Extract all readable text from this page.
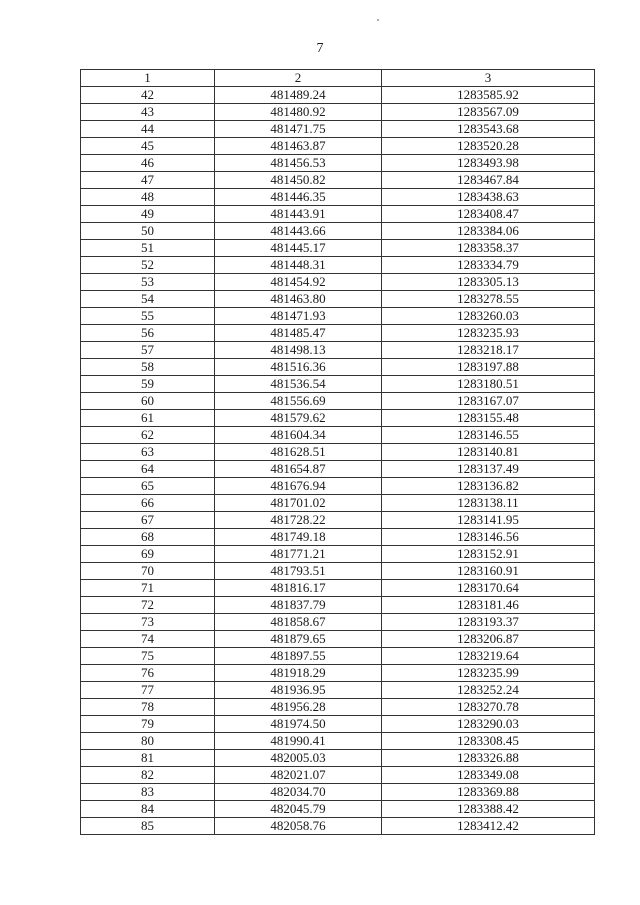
7
1	2	3
42	481489.24	1283585.92
43	481480.92	1283567.09
44	481471.75	1283543.68
45	481463.87	1283520.28
46	481456.53	1283493.98
47	481450.82	1283467.84
48	481446.35	1283438.63
49	481443.91	1283408.47
50	481443.66	1283384.06
51	481445.17	1283358.37
52	481448.31	1283334.79
53	481454.92	1283305.13
54	481463.80	1283278.55
55	481471.93	1283260.03
56	481485.47	1283235.93
57	481498.13	1283218.17
58	481516.36	1283197.88
59	481536.54	1283180.51
60	481556.69	1283167.07
61	481579.62	1283155.48
62	481604.34	1283146.55
63	481628.51	1283140.81
64	481654.87	1283137.49
65	481676.94	1283136.82
66	481701.02	1283138.11
67	481728.22	1283141.95
68	481749.18	1283146.56
69	481771.21	1283152.91
70	481793.51	1283160.91
71	481816.17	1283170.64
72	481837.79	1283181.46
73	481858.67	1283193.37
74	481879.65	1283206.87
75	481897.55	1283219.64
76	481918.29	1283235.99
77	481936.95	1283252.24
78	481956.28	1283270.78
79	481974.50	1283290.03
80	481990.41	1283308.45
81	482005.03	1283326.88
82	482021.07	1283349.08
83	482034.70	1283369.88
84	482045.79	1283388.42
85	482058.76	1283412.42
